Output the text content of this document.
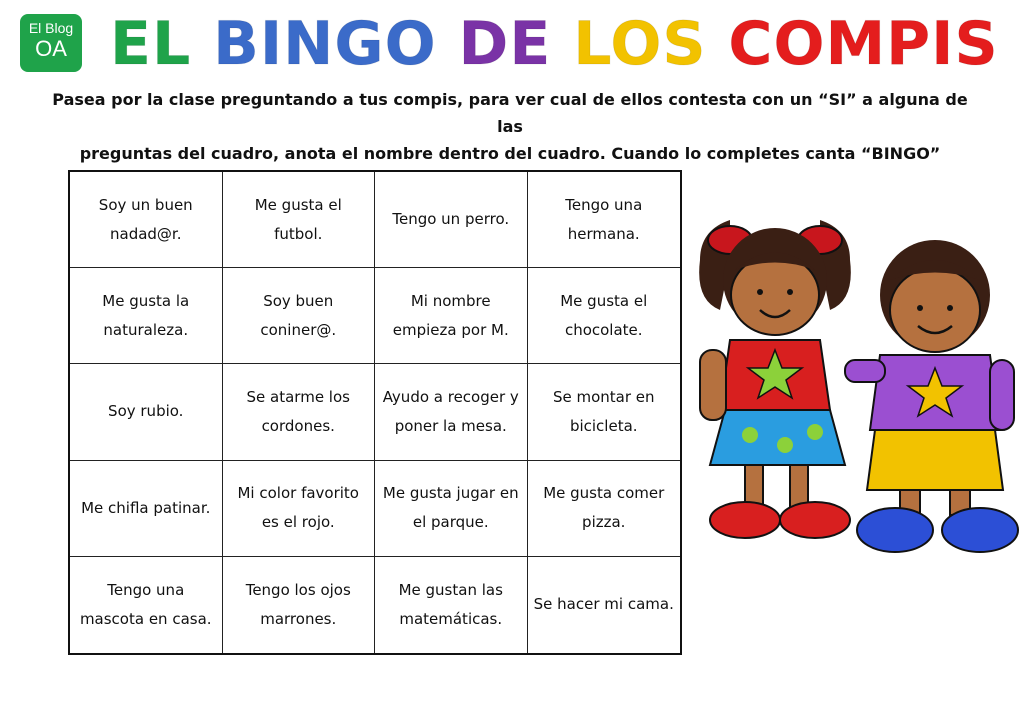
El Blog
OA EL BINGO DE LOS COMPIS

Pasea por la clase preguntando a tus compis, para ver cual de ellos contesta con un “SI” a alguna de las
preguntas del cuadro, anota el nombre dentro del cuadro. Cuando lo completes canta “BINGO”

Soy un buen nadad@r.
Me gusta el futbol.
Tengo un perro.
Tengo una hermana.
Me gusta la naturaleza.
Soy buen coniner@.
Mi nombre empieza por M.
Me gusta el chocolate.
Soy rubio.
Se atarme los cordones.
Ayudo a recoger y poner la mesa.
Se montar en bicicleta.
Me chifla patinar.
Mi color favorito es el rojo.
Me gusta jugar en el parque.
Me gusta comer pizza.
Tengo una mascota en casa.
Tengo los ojos marrones.
Me gustan las matemáticas.
Se hacer mi cama.
